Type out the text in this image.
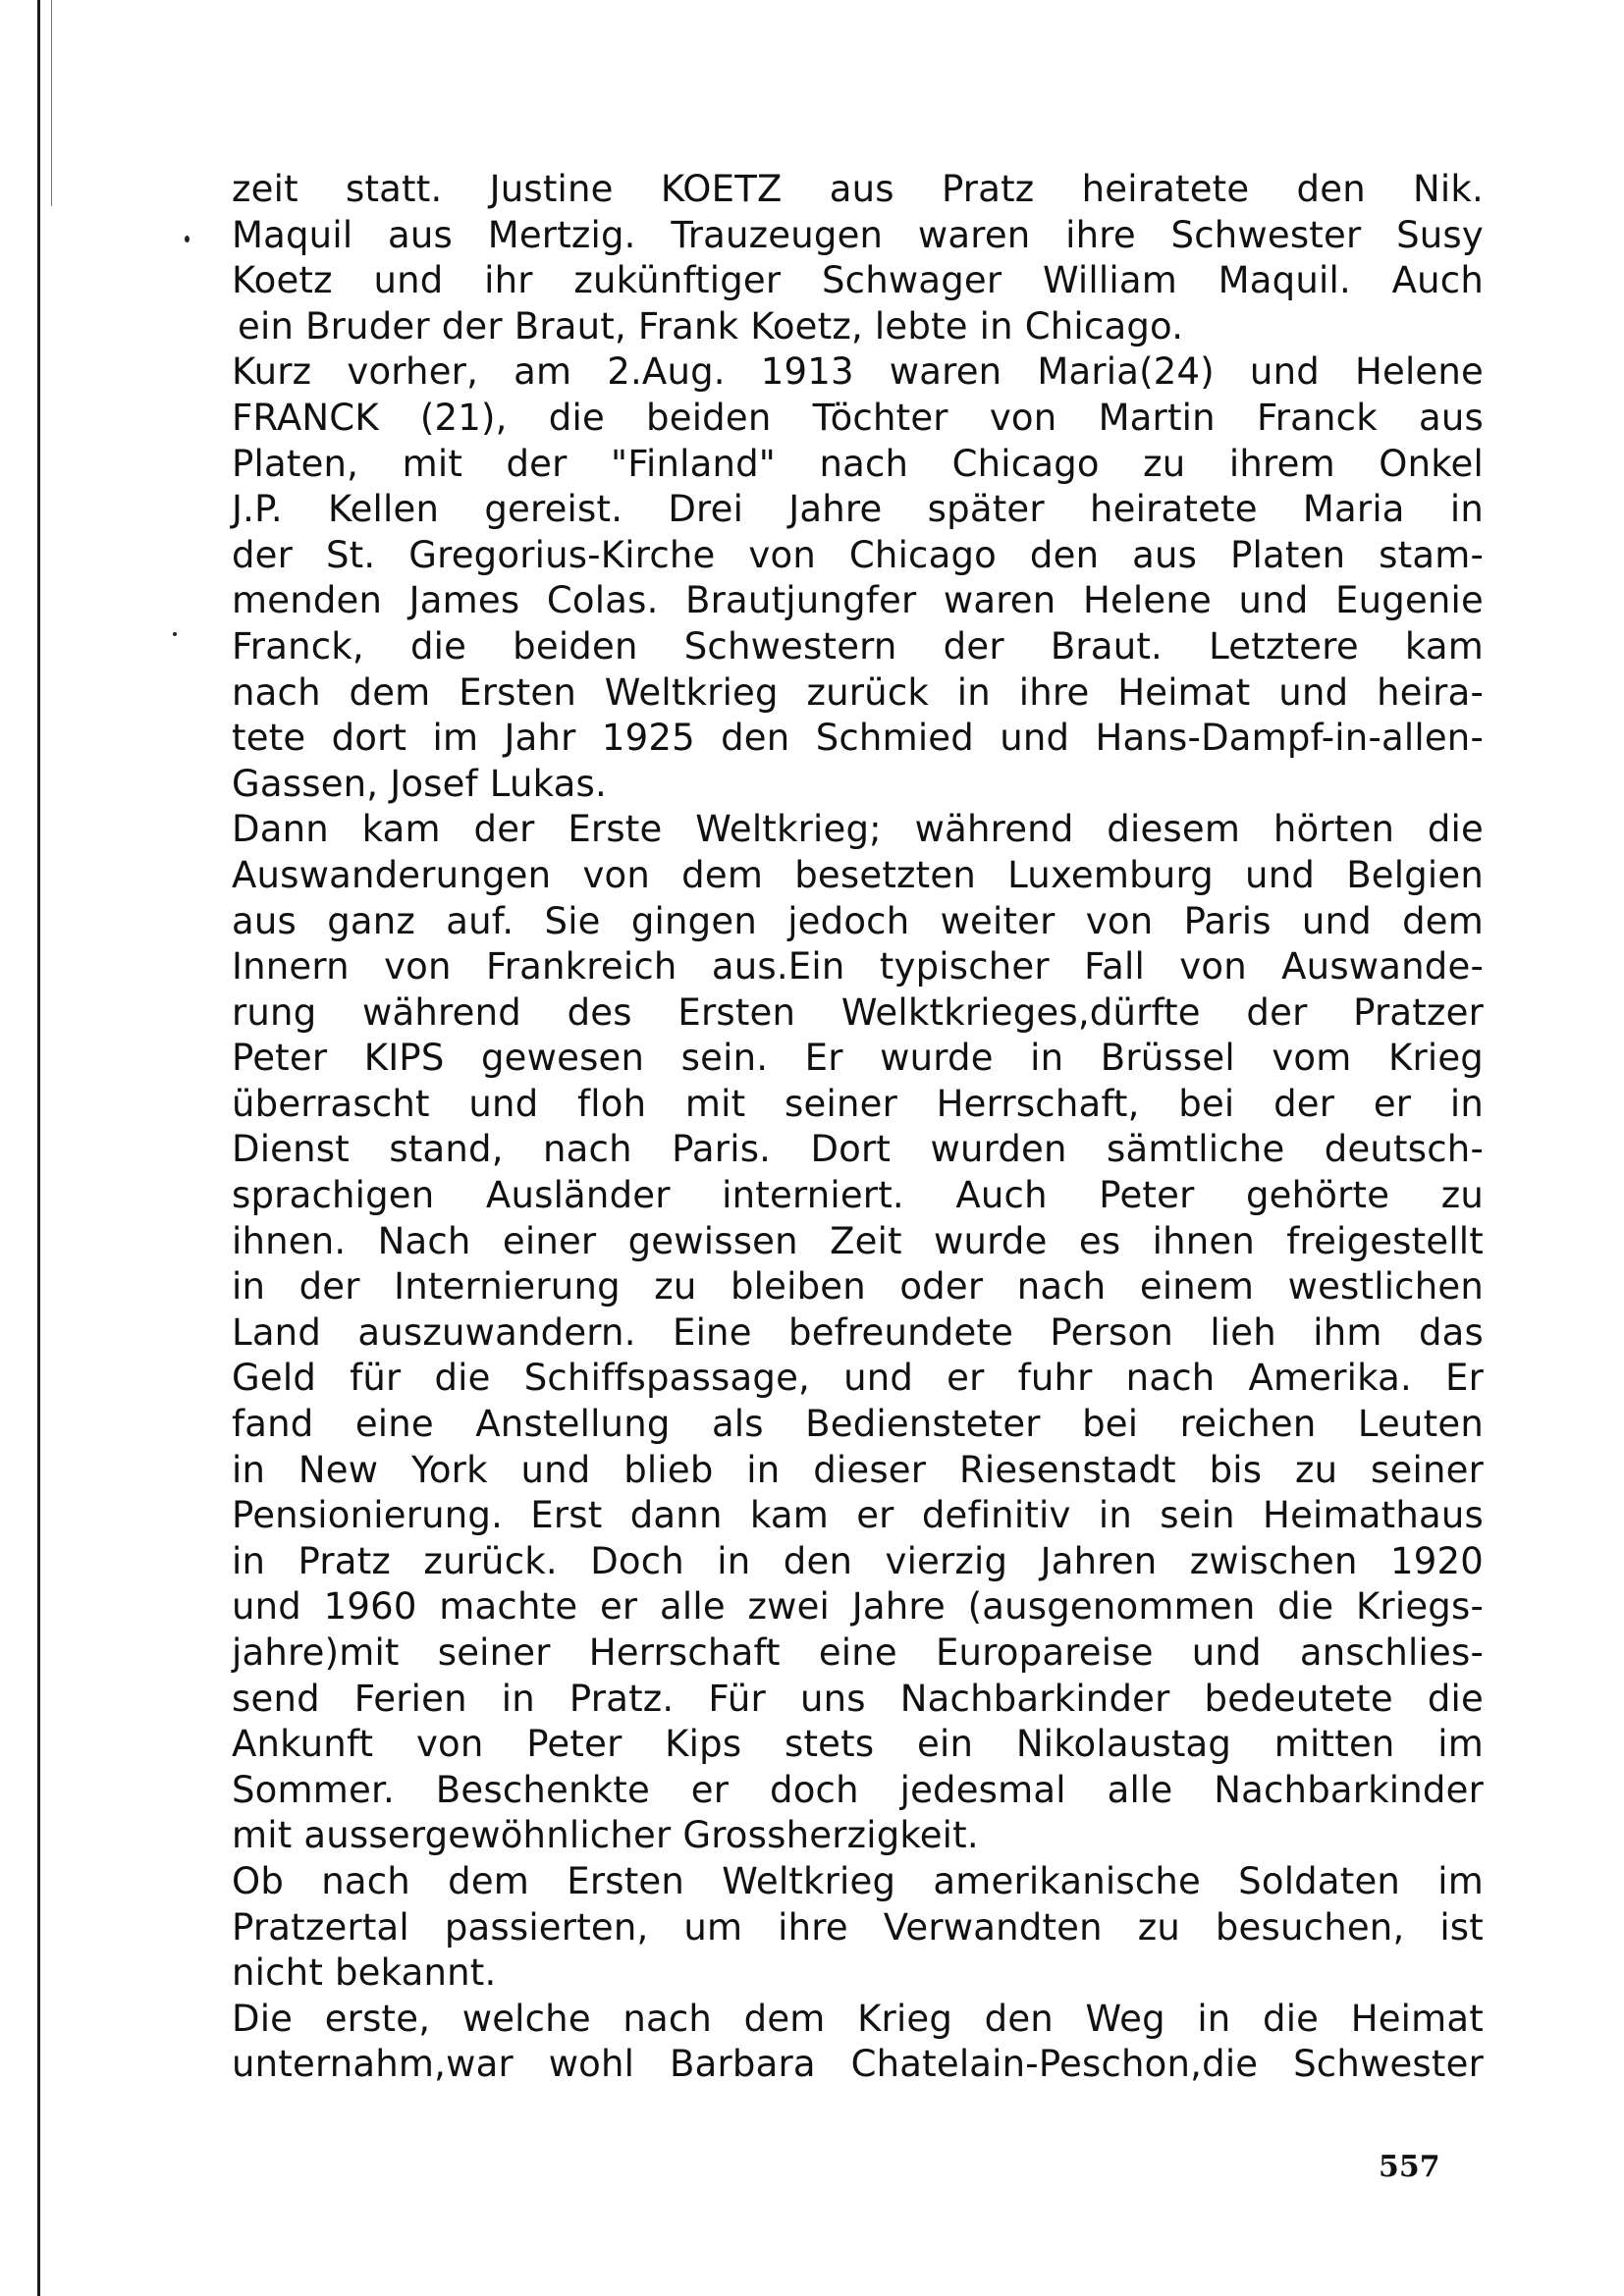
zeit statt. Justine KOETZ aus Pratz heiratete den Nik.
Maquil aus Mertzig. Trauzeugen waren ihre Schwester Susy
Koetz und ihr zukünftiger Schwager William Maquil. Auch
ein Bruder der Braut, Frank Koetz, lebte in Chicago.
Kurz vorher, am 2.Aug. 1913 waren Maria(24) und Helene
FRANCK (21), die beiden Töchter von Martin Franck aus
Platen, mit der "Finland" nach Chicago zu ihrem Onkel
J.P. Kellen gereist. Drei Jahre später heiratete Maria in
der St. Gregorius-Kirche von Chicago den aus Platen stam-
menden James Colas. Brautjungfer waren Helene und Eugenie
Franck, die beiden Schwestern der Braut. Letztere kam
nach dem Ersten Weltkrieg zurück in ihre Heimat und heira-
tete dort im Jahr 1925 den Schmied und Hans-Dampf-in-allen-
Gassen, Josef Lukas.
Dann kam der Erste Weltkrieg; während diesem hörten die
Auswanderungen von dem besetzten Luxemburg und Belgien
aus ganz auf. Sie gingen jedoch weiter von Paris und dem
Innern von Frankreich aus.Ein typischer Fall von Auswande-
rung während des Ersten Welktkrieges,dürfte der Pratzer
Peter KIPS gewesen sein. Er wurde in Brüssel vom Krieg
überrascht und floh mit seiner Herrschaft, bei der er in
Dienst stand, nach Paris. Dort wurden sämtliche deutsch-
sprachigen Ausländer interniert. Auch Peter gehörte zu
ihnen. Nach einer gewissen Zeit wurde es ihnen freigestellt
in der Internierung zu bleiben oder nach einem westlichen
Land auszuwandern. Eine befreundete Person lieh ihm das
Geld für die Schiffspassage, und er fuhr nach Amerika. Er
fand eine Anstellung als Bediensteter bei reichen Leuten
in New York und blieb in dieser Riesenstadt bis zu seiner
Pensionierung. Erst dann kam er definitiv in sein Heimathaus
in Pratz zurück. Doch in den vierzig Jahren zwischen 1920
und 1960 machte er alle zwei Jahre (ausgenommen die Kriegs-
jahre)mit seiner Herrschaft eine Europareise und anschlies-
send Ferien in Pratz. Für uns Nachbarkinder bedeutete die
Ankunft von Peter Kips stets ein Nikolaustag mitten im
Sommer. Beschenkte er doch jedesmal alle Nachbarkinder
mit aussergewöhnlicher Grossherzigkeit.
Ob nach dem Ersten Weltkrieg amerikanische Soldaten im
Pratzertal passierten, um ihre Verwandten zu besuchen, ist
nicht bekannt.
Die erste, welche nach dem Krieg den Weg in die Heimat
unternahm,war wohl Barbara Chatelain-Peschon,die Schwester
557
